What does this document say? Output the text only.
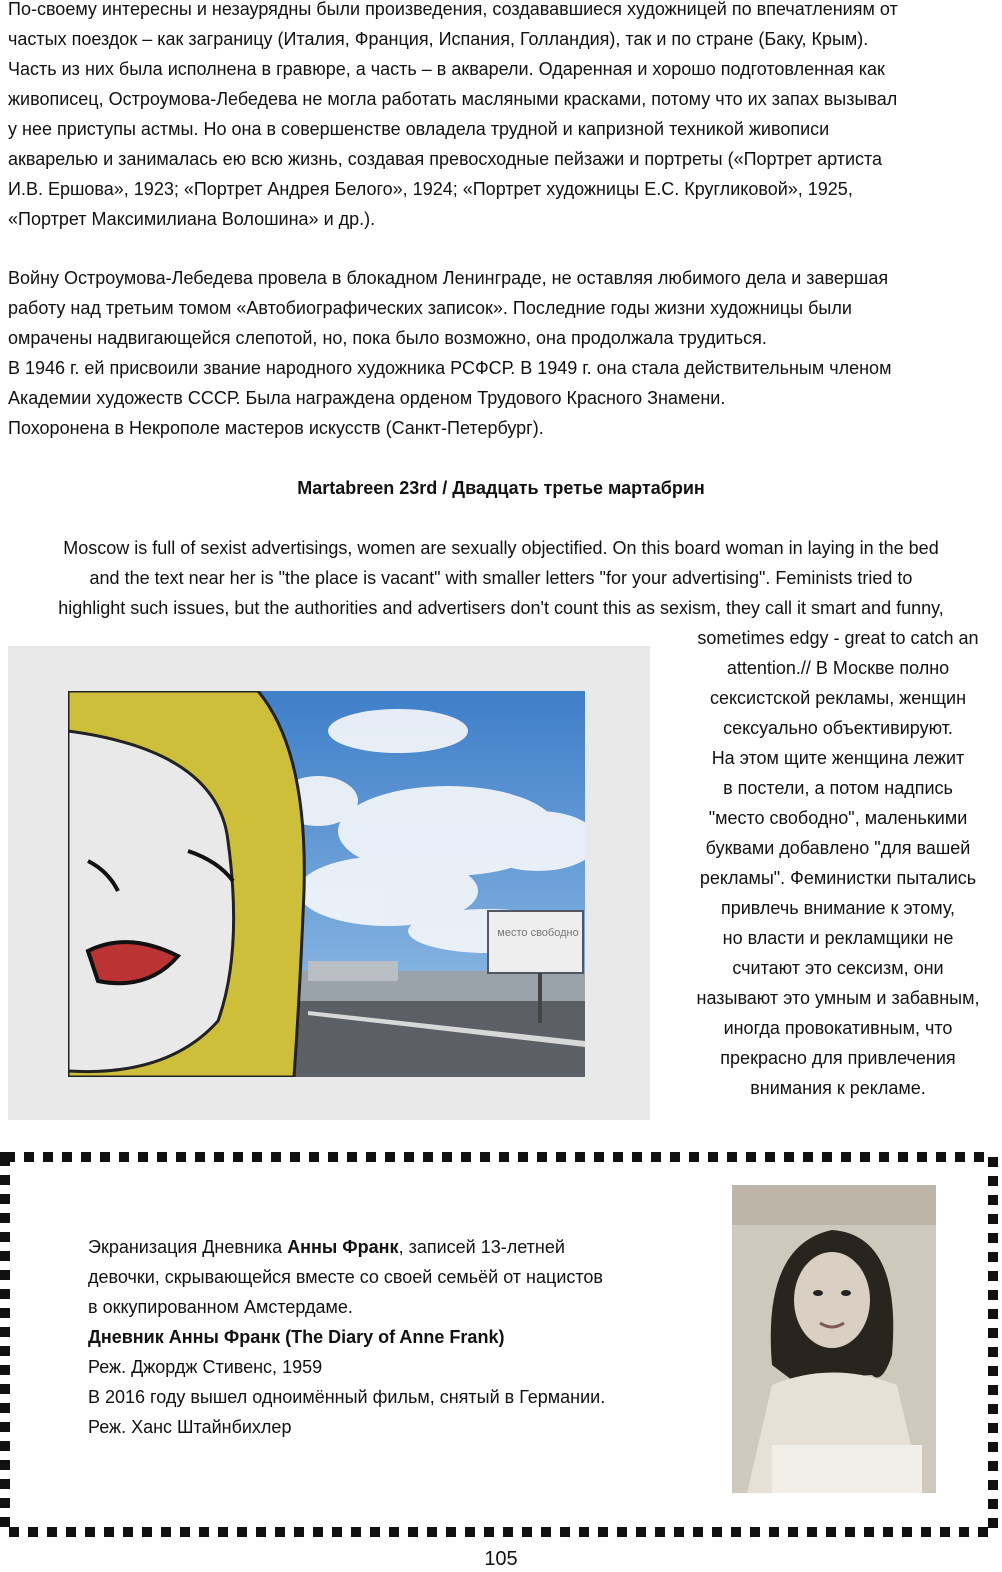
По-своему интересны и незаурядны были произведения, создававшиеся художницей по впечатлениям от
частых поездок – как заграницу (Италия, Франция, Испания, Голландия), так и по стране (Баку, Крым).
Часть из них была исполнена в гравюре, а часть – в акварели. Одаренная и хорошо подготовленная как
живописец, Остроумова-Лебедева не могла работать масляными красками, потому что их запах вызывал
у нее приступы астмы. Но она в совершенстве овладела трудной и капризной техникой живописи
акварелью и занималась ею всю жизнь, создавая превосходные пейзажи и портреты («Портрет артиста
И.В. Ершова», 1923; «Портрет Андрея Белого», 1924; «Портрет художницы Е.С. Кругликовой», 1925,
«Портрет Максимилиана Волошина» и др.).
Войну Остроумова-Лебедева провела в блокадном Ленинграде, не оставляя любимого дела и завершая
работу над третьим томом «Автобиографических записок». Последние годы жизни художницы были
омрачены надвигающейся слепотой, но, пока было возможно, она продолжала трудиться.
В 1946 г. ей присвоили звание народного художника РСФСР. В 1949 г. она стала действительным членом
Академии художеств СССР. Была награждена орденом Трудового Красного Знамени.
Похоронена в Некрополе мастеров искусств (Санкт-Петербург).
Martabreen 23rd / Двадцать третье мартабрин
Moscow is full of sexist advertisings, women are sexually objectified. On this board woman in laying in the bed
and the text near her is "the place is vacant" with smaller letters "for your advertising". Feminists tried to
highlight such issues, but the authorities and advertisers don't count this as sexism, they call it smart and funny,
sometimes edgy - great to catch an
attention.// В Москве полно
сексистской рекламы, женщин
сексуально объективируют.
На этом щите женщина лежит
в постели, а потом надпись
"место свободно", маленькими
буквами добавлено "для вашей
рекламы". Феминистки пытались
привлечь внимание к этому,
но власти и рекламщики не
считают это сексизм, они
называют это умным и забавным,
иногда провокативным, что
прекрасно для привлечения
внимания к рекламе.
место свободно
Экранизация Дневника Анны Франк, записей 13-летней
девочки, скрывающейся вместе со своей семьёй от нацистов
в оккупированном Амстердаме.
Дневник Анны Франк (The Diary of Anne Frank)
Реж. Джордж Стивенс, 1959
В 2016 году вышел одноимённый фильм, снятый в Германии.
Реж. Ханс Штайнбихлер
105
